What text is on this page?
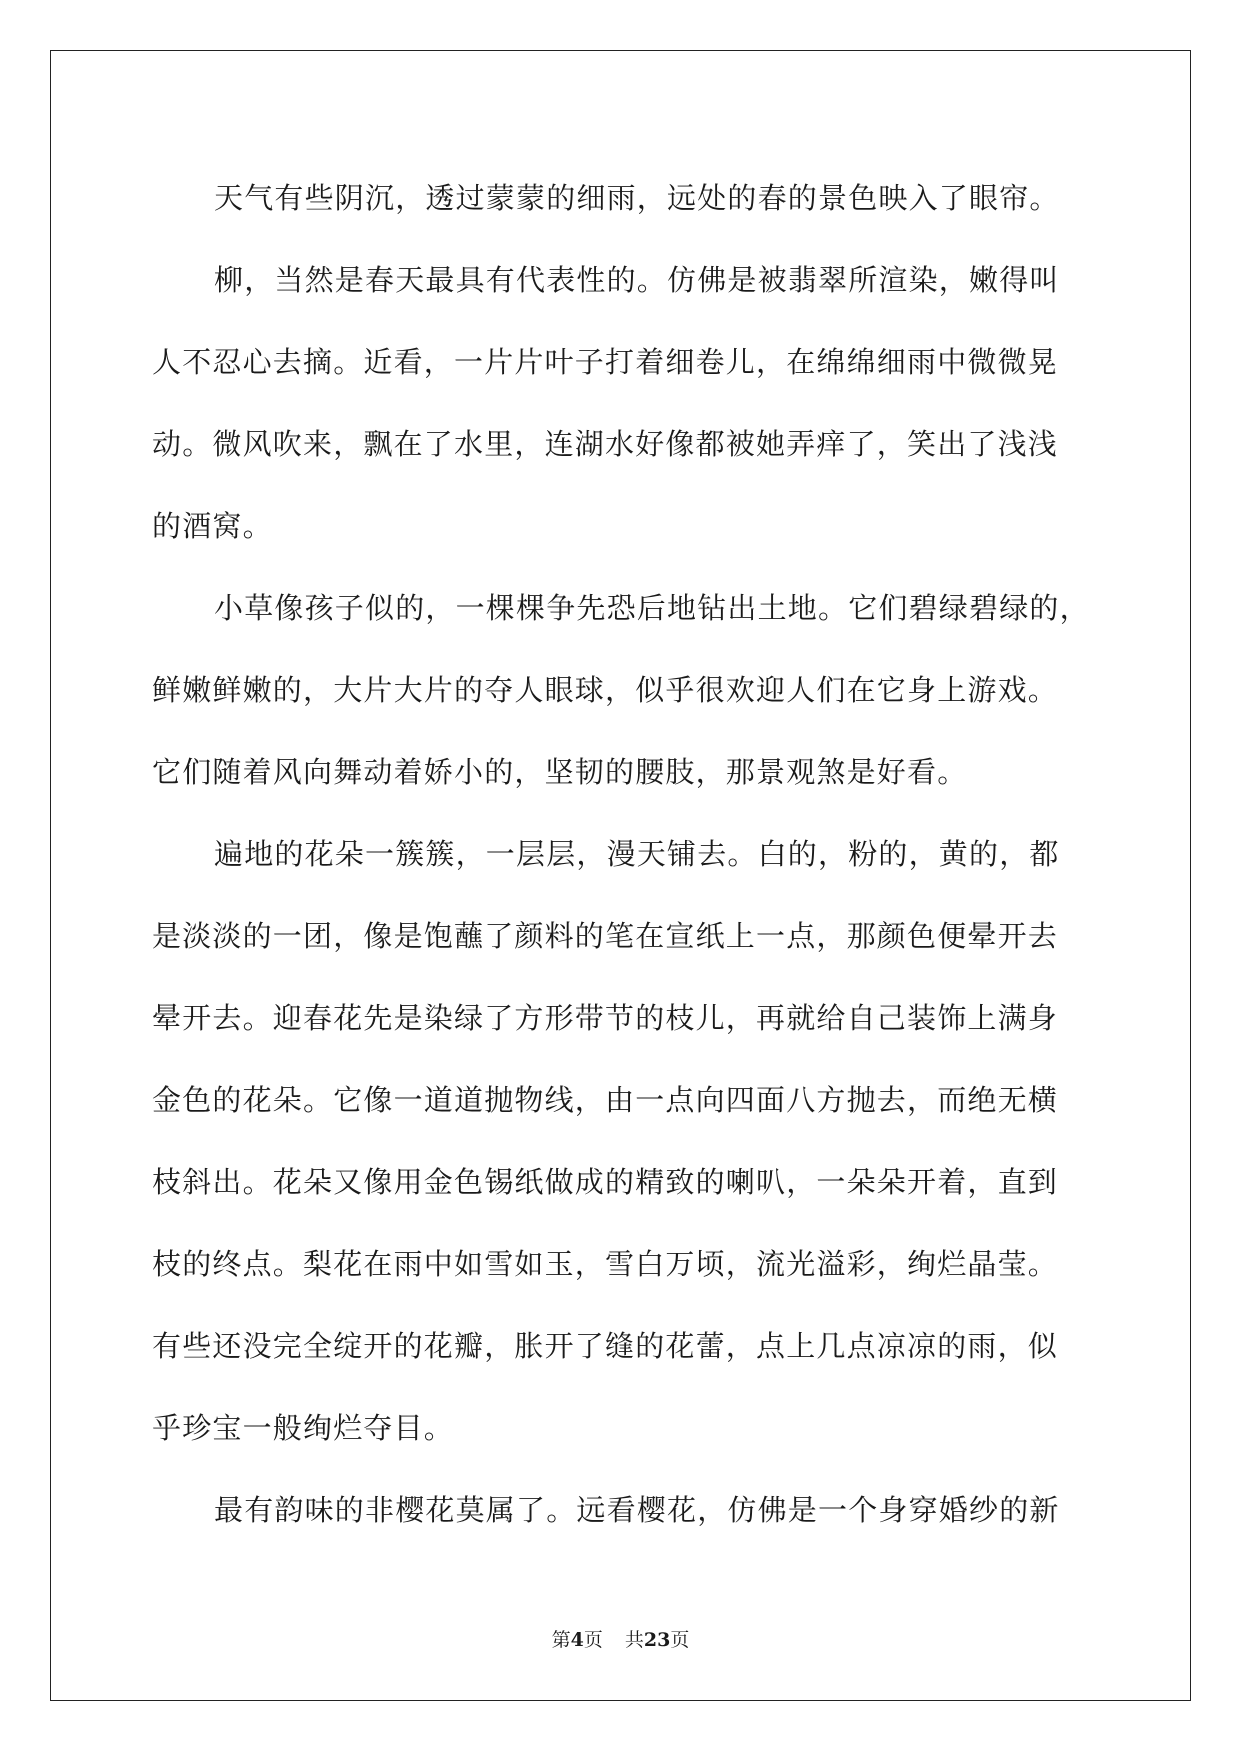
天气有些阴沉，透过蒙蒙的细雨，远处的春的景色映入了眼帘。
柳，当然是春天最具有代表性的。仿佛是被翡翠所渲染，嫩得叫
人不忍心去摘。近看，一片片叶子打着细卷儿，在绵绵细雨中微微晃
动。微风吹来，飘在了水里，连湖水好像都被她弄痒了，笑出了浅浅
的酒窝。
小草像孩子似的，一棵棵争先恐后地钻出土地。它们碧绿碧绿的，
鲜嫩鲜嫩的，大片大片的夺人眼球，似乎很欢迎人们在它身上游戏。
它们随着风向舞动着娇小的，坚韧的腰肢，那景观煞是好看。
遍地的花朵一簇簇，一层层，漫天铺去。白的，粉的，黄的，都
是淡淡的一团，像是饱蘸了颜料的笔在宣纸上一点，那颜色便晕开去
晕开去。迎春花先是染绿了方形带节的枝儿，再就给自己装饰上满身
金色的花朵。它像一道道抛物线，由一点向四面八方抛去，而绝无横
枝斜出。花朵又像用金色锡纸做成的精致的喇叭，一朵朵开着，直到
枝的终点。梨花在雨中如雪如玉，雪白万顷，流光溢彩，绚烂晶莹。
有些还没完全绽开的花瓣，胀开了缝的花蕾，点上几点凉凉的雨，似
乎珍宝一般绚烂夺目。
最有韵味的非樱花莫属了。远看樱花，仿佛是一个身穿婚纱的新
第4页 共23页
